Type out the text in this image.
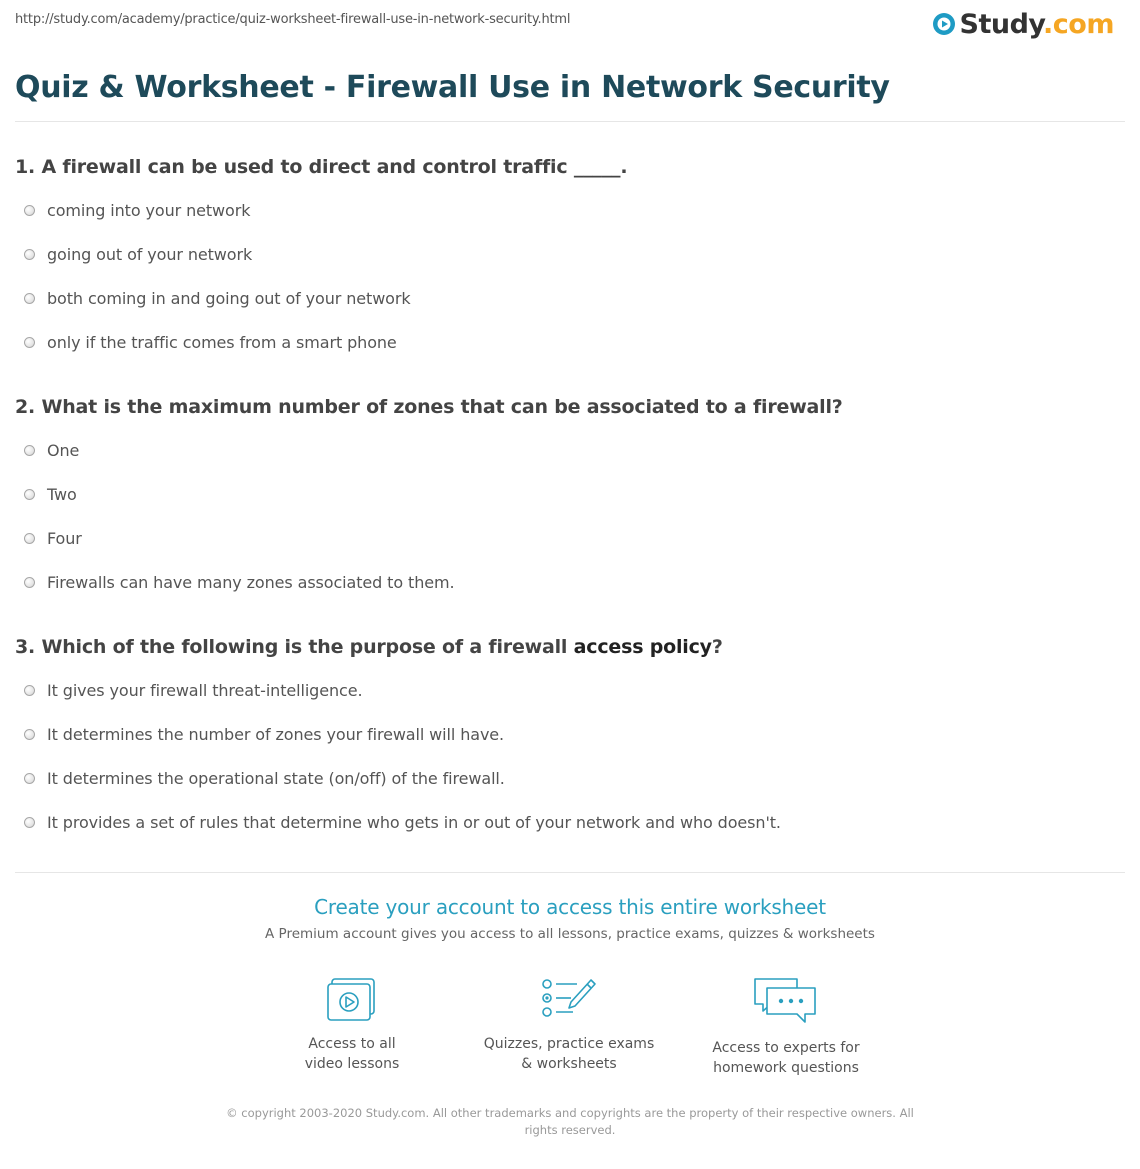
http://study.com/academy/practice/quiz-worksheet-firewall-use-in-network-security.html	Study.com
Quiz & Worksheet - Firewall Use in Network Security

1. A firewall can be used to direct and control traffic _____.

coming into your network
going out of your network
both coming in and going out of your network
only if the traffic comes from a smart phone

2. What is the maximum number of zones that can be associated to a firewall?

One
Two
Four
Firewalls can have many zones associated to them.

3. Which of the following is the purpose of a firewall access policy?

It gives your firewall threat-intelligence.
It determines the number of zones your firewall will have.
It determines the operational state (on/off) of the firewall.
It provides a set of rules that determine who gets in or out of your network and who doesn't.
Create your account to access this entire worksheet
A Premium account gives you access to all lessons, practice exams, quizzes & worksheets
Access to all
video lessons
Quizzes, practice exams
& worksheets
Access to experts for
homework questions
© copyright 2003-2020 Study.com. All other trademarks and copyrights are the property of their respective owners. All rights reserved.
